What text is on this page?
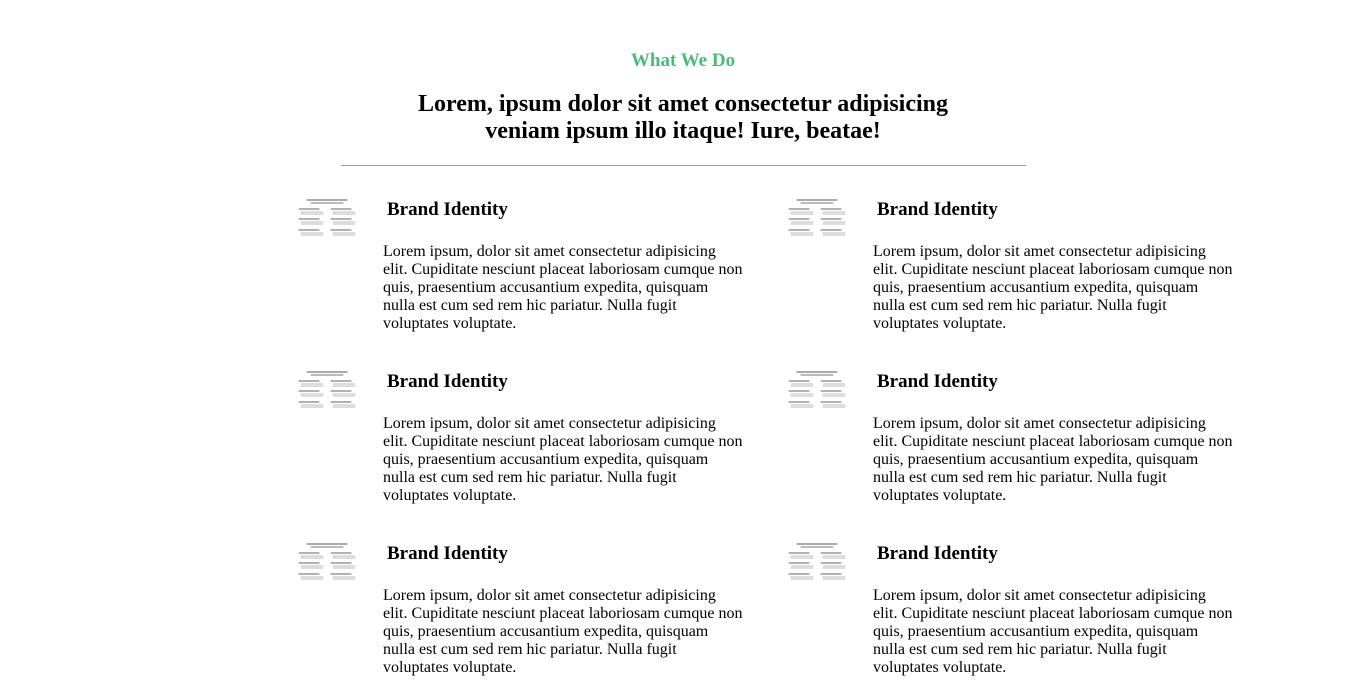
What We Do
Lorem, ipsum dolor sit amet consectetur adipisicing
veniam ipsum illo itaque! Iure, beatae!
Brand Identity

Lorem ipsum, dolor sit amet consectetur adipisicing elit. Cupiditate nesciunt placeat laboriosam cumque non quis, praesentium accusantium expedita, quisquam nulla est cum sed rem hic pariatur. Nulla fugit voluptates voluptate.

Brand Identity

Lorem ipsum, dolor sit amet consectetur adipisicing elit. Cupiditate nesciunt placeat laboriosam cumque non quis, praesentium accusantium expedita, quisquam nulla est cum sed rem hic pariatur. Nulla fugit voluptates voluptate.

Brand Identity

Lorem ipsum, dolor sit amet consectetur adipisicing elit. Cupiditate nesciunt placeat laboriosam cumque non quis, praesentium accusantium expedita, quisquam nulla est cum sed rem hic pariatur. Nulla fugit voluptates voluptate.

Brand Identity

Lorem ipsum, dolor sit amet consectetur adipisicing elit. Cupiditate nesciunt placeat laboriosam cumque non quis, praesentium accusantium expedita, quisquam nulla est cum sed rem hic pariatur. Nulla fugit voluptates voluptate.

Brand Identity

Lorem ipsum, dolor sit amet consectetur adipisicing elit. Cupiditate nesciunt placeat laboriosam cumque non quis, praesentium accusantium expedita, quisquam nulla est cum sed rem hic pariatur. Nulla fugit voluptates voluptate.

Brand Identity

Lorem ipsum, dolor sit amet consectetur adipisicing elit. Cupiditate nesciunt placeat laboriosam cumque non quis, praesentium accusantium expedita, quisquam nulla est cum sed rem hic pariatur. Nulla fugit voluptates voluptate.
